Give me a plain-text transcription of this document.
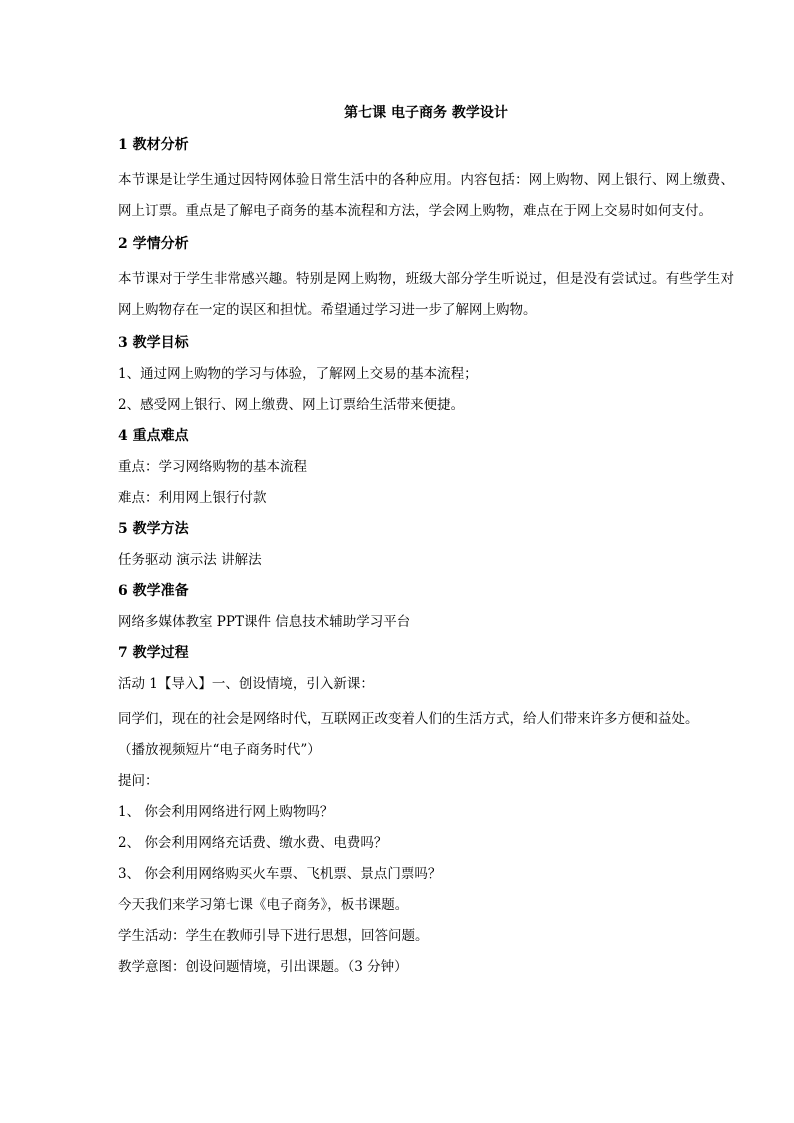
第七课 电子商务 教学设计
1 教材分析

本节课是让学生通过因特网体验日常生活中的各种应用。内容包括：网上购物、网上银行、网上缴费、网上订票。重点是了解电子商务的基本流程和方法，学会网上购物，难点在于网上交易时如何支付。

2 学情分析

本节课对于学生非常感兴趣。特别是网上购物，班级大部分学生听说过，但是没有尝试过。有些学生对网上购物存在一定的误区和担忧。希望通过学习进一步了解网上购物。

3 教学目标
1、通过网上购物的学习与体验，了解网上交易的基本流程；
2、感受网上银行、网上缴费、网上订票给生活带来便捷。
4 重点难点
重点：学习网络购物的基本流程
难点：利用网上银行付款
5 教学方法
任务驱动 演示法 讲解法
6 教学准备
网络多媒体教室 PPT课件 信息技术辅助学习平台
7 教学过程
活动 1【导入】一、创设情境，引入新课：

同学们，现在的社会是网络时代，互联网正改变着人们的生活方式，给人们带来许多方便和益处。

（播放视频短片“电子商务时代”）
提问：
1、 你会利用网络进行网上购物吗？
2、 你会利用网络充话费、缴水费、电费吗？
3、 你会利用网络购买火车票、飞机票、景点门票吗？
今天我们来学习第七课《电子商务》，板书课题。
学生活动：学生在教师引导下进行思想，回答问题。
教学意图：创设问题情境，引出课题。（3 分钟）
